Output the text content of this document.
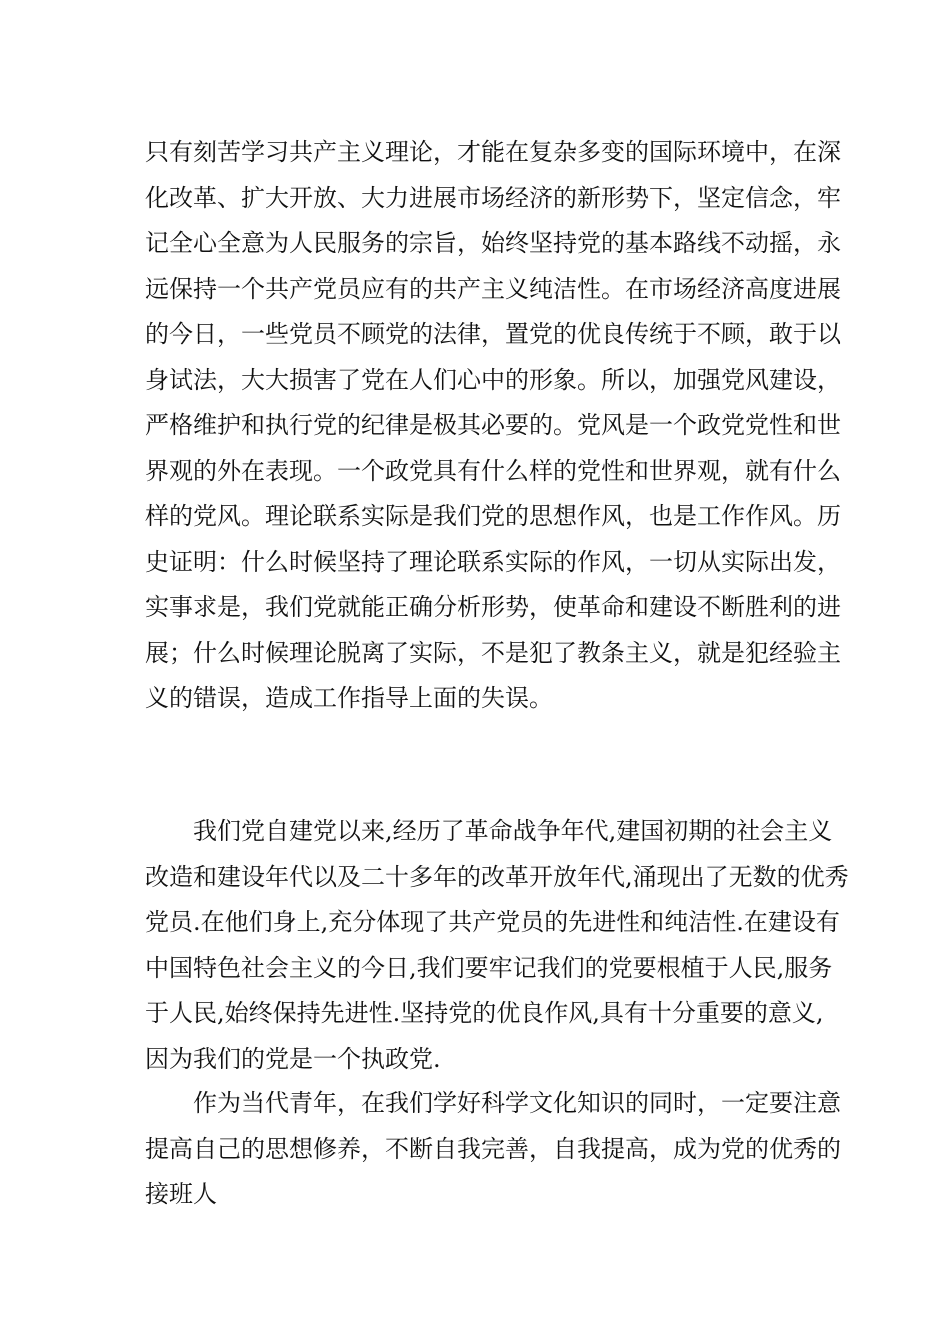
只有刻苦学习共产主义理论，才能在复杂多变的国际环境中，在深
化改革、扩大开放、大力进展市场经济的新形势下，坚定信念，牢
记全心全意为人民服务的宗旨，始终坚持党的基本路线不动摇，永
远保持一个共产党员应有的共产主义纯洁性。在市场经济高度进展
的今日，一些党员不顾党的法律，置党的优良传统于不顾，敢于以
身试法，大大损害了党在人们心中的形象。所以，加强党风建设，
严格维护和执行党的纪律是极其必要的。党风是一个政党党性和世
界观的外在表现。一个政党具有什么样的党性和世界观，就有什么
样的党风。理论联系实际是我们党的思想作风，也是工作作风。历
史证明：什么时候坚持了理论联系实际的作风，一切从实际出发，
实事求是，我们党就能正确分析形势，使革命和建设不断胜利的进
展；什么时候理论脱离了实际，不是犯了教条主义，就是犯经验主
义的错误，造成工作指导上面的失误。
我们党自建党以来,经历了革命战争年代,建国初期的社会主义
改造和建设年代以及二十多年的改革开放年代,涌现出了无数的优秀
党员.在他们身上,充分体现了共产党员的先进性和纯洁性.在建设有
中国特色社会主义的今日,我们要牢记我们的党要根植于人民,服务
于人民,始终保持先进性.坚持党的优良作风,具有十分重要的意义,
因为我们的党是一个执政党.
作为当代青年，在我们学好科学文化知识的同时，一定要注意
提高自己的思想修养，不断自我完善，自我提高，成为党的优秀的
接班人
